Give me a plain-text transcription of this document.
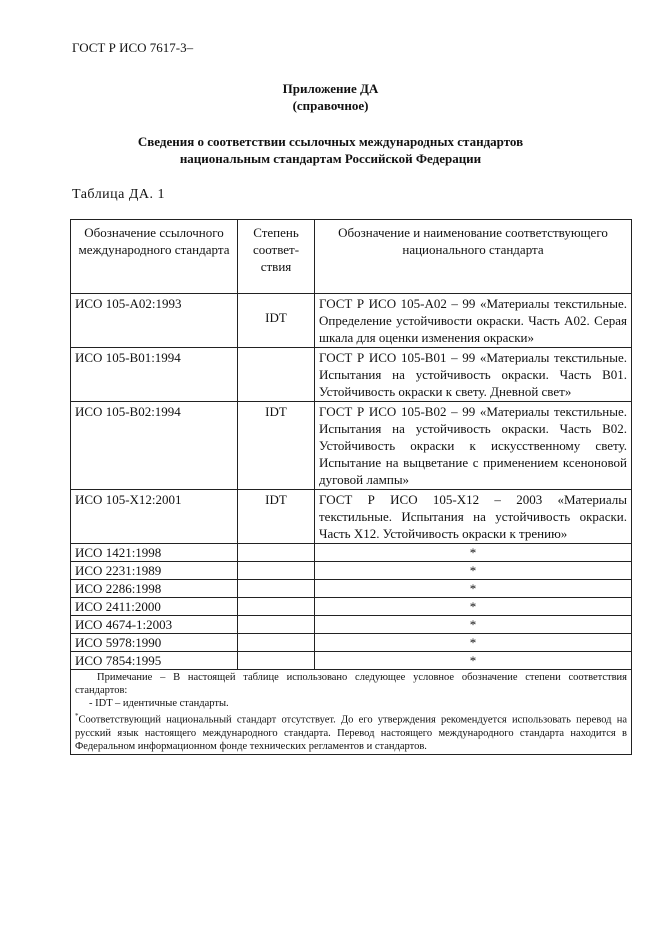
ГОСТ Р ИСО 7617-3–
Приложение ДА
(справочное)
Сведения о соответствии ссылочных международных стандартов
национальным стандартам Российской Федерации
Таблица ДА. 1
Обозначение ссылочного международного стандарта	Степень соответ-ствия	Обозначение и наименование соответствующего национального стандарта

ИСО 105-А02:1993	IDT	ГОСТ Р ИСО 105-А02 – 99 «Материалы текстильные. Определение устойчивости окраски. Часть А02. Серая шкала для оценки изменения окраски»
ИСО 105-В01:1994		ГОСТ Р ИСО 105-В01 – 99 «Материалы текстильные. Испытания на устойчивость окраски. Часть В01. Устойчивость окраски к свету. Дневной свет»
ИСО 105-В02:1994	IDT	ГОСТ Р ИСО 105-В02 – 99 «Материалы текстильные. Испытания на устойчивость окраски. Часть В02. Устойчивость окраски к искусственному свету. Испытание на выцветание с применением ксеноновой дуговой лампы»
ИСО 105-Х12:2001	IDT	ГОСТ Р ИСО 105-Х12 – 2003 «Материалы текстильные. Испытания на устойчивость окраски. Часть Х12. Устойчивость окраски к трению»
ИСО 1421:1998		*
ИСО 2231:1989		*
ИСО 2286:1998		*
ИСО 2411:2000		*
ИСО 4674-1:2003		*
ИСО 5978:1990		*
ИСО 7854:1995		*

Примечание – В настоящей таблице использовано следующее условное обозначение степени соответствия стандартов:
- IDT – идентичные стандарты.
*Соответствующий национальный стандарт отсутствует. До его утверждения рекомендуется использовать перевод на русский язык настоящего международного стандарта. Перевод настоящего международного стандарта находится в Федеральном информационном фонде технических регламентов и стандартов.		
